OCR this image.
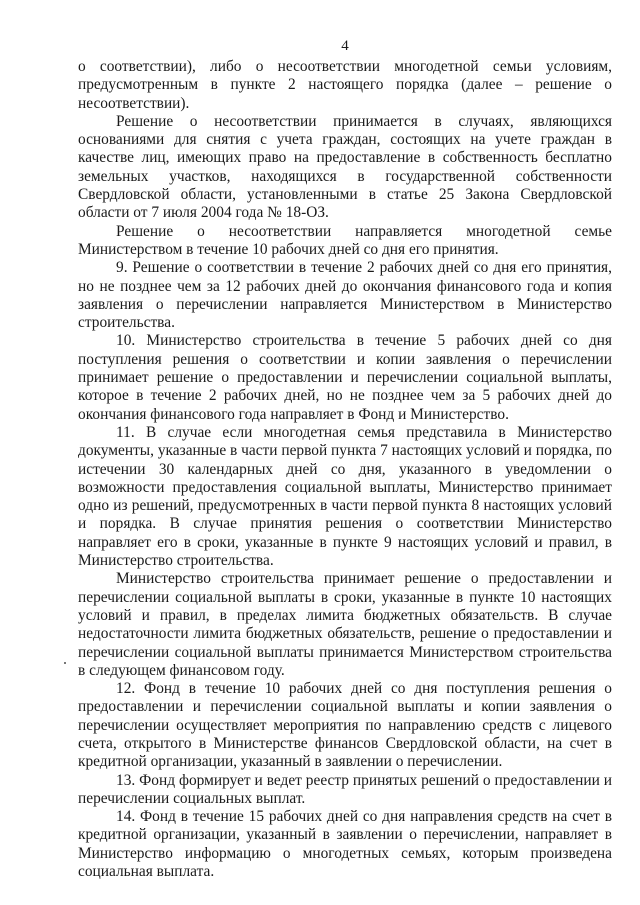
4

о соответствии), либо о несоответствии многодетной семьи условиям, предусмотренным в пункте 2 настоящего порядка (далее – решение о несоответствии).

Решение о несоответствии принимается в случаях, являющихся основаниями для снятия с учета граждан, состоящих на учете граждан в качестве лиц, имеющих право на предоставление в собственность бесплатно земельных участков, находящихся в государственной собственности Свердловской области, установленными в статье 25 Закона Свердловской области от 7 июля 2004 года № 18-ОЗ.

Решение о несоответствии направляется многодетной семье Министерством в течение 10 рабочих дней со дня его принятия.

9. Решение о соответствии в течение 2 рабочих дней со дня его принятия, но не позднее чем за 12 рабочих дней до окончания финансового года и копия заявления о перечислении направляется Министерством в Министерство строительства.

10. Министерство строительства в течение 5 рабочих дней со дня поступления решения о соответствии и копии заявления о перечислении принимает решение о предоставлении и перечислении социальной выплаты, которое в течение 2 рабочих дней, но не позднее чем за 5 рабочих дней до окончания финансового года направляет в Фонд и Министерство.

11. В случае если многодетная семья представила в Министерство документы, указанные в части первой пункта 7 настоящих условий и порядка, по истечении 30 календарных дней со дня, указанного в уведомлении о возможности предоставления социальной выплаты, Министерство принимает одно из решений, предусмотренных в части первой пункта 8 настоящих условий и порядка. В случае принятия решения о соответствии Министерство направляет его в сроки, указанные в пункте 9 настоящих условий и правил, в Министерство строительства.

Министерство строительства принимает решение о предоставлении и перечислении социальной выплаты в сроки, указанные в пункте 10 настоящих условий и правил, в пределах лимита бюджетных обязательств. В случае недостаточности лимита бюджетных обязательств, решение о предоставлении и перечислении социальной выплаты принимается Министерством строительства в следующем финансовом году.

12. Фонд в течение 10 рабочих дней со дня поступления решения о предоставлении и перечислении социальной выплаты и копии заявления о перечислении осуществляет мероприятия по направлению средств с лицевого счета, открытого в Министерстве финансов Свердловской области, на счет в кредитной организации, указанный в заявлении о перечислении.

13. Фонд формирует и ведет реестр принятых решений о предоставлении и перечислении социальных выплат.

14. Фонд в течение 15 рабочих дней со дня направления средств на счет в кредитной организации, указанный в заявлении о перечислении, направляет в Министерство информацию о многодетных семьях, которым произведена социальная выплата.
